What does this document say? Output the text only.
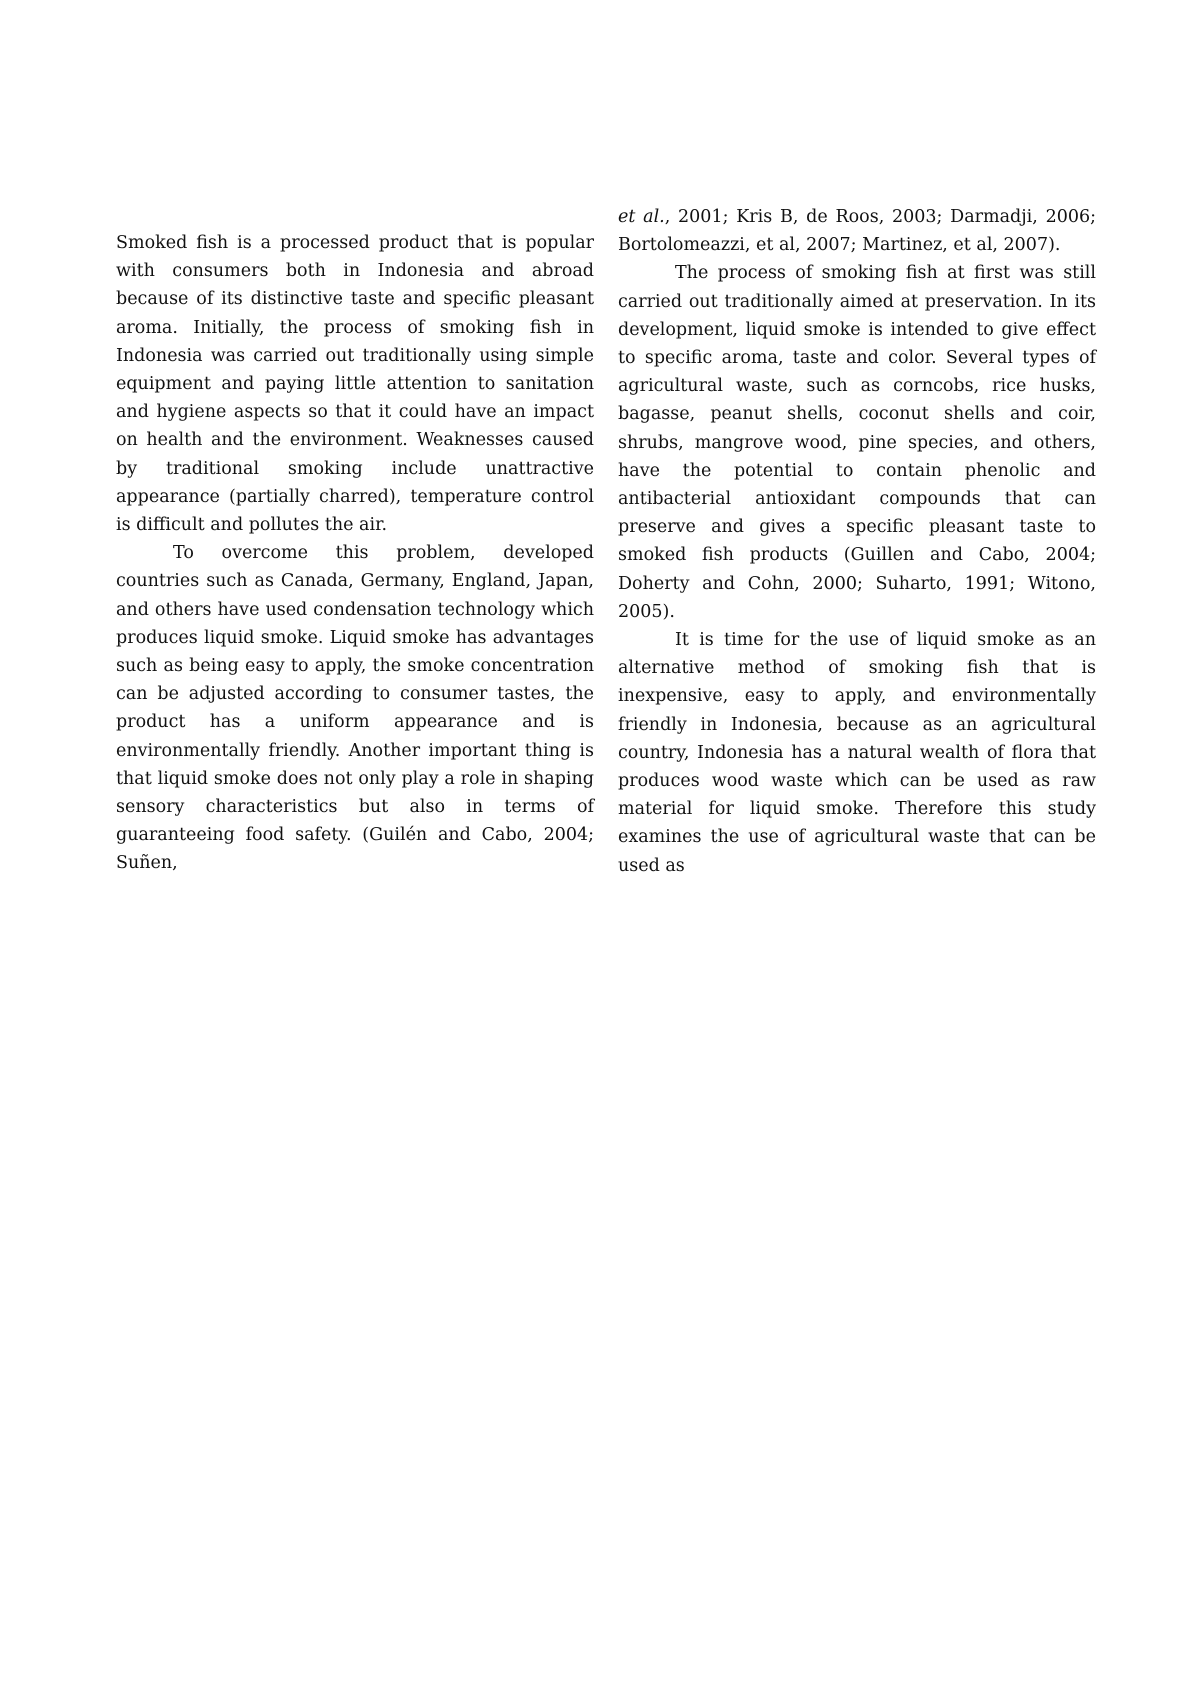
Smoked fish is a processed product that is popular with consumers both in Indonesia and abroad because of its distinctive taste and specific pleasant aroma. Initially, the process of smoking fish in Indonesia was carried out traditionally using simple equipment and paying little attention to sanitation and hygiene aspects so that it could have an impact on health and the environment. Weaknesses caused by traditional smoking include unattractive appearance (partially charred), temperature control is difficult and pollutes the air.

To overcome this problem, developed countries such as Canada, Germany, England, Japan, and others have used condensation technology which produces liquid smoke. Liquid smoke has advantages such as being easy to apply, the smoke concentration can be adjusted according to consumer tastes, the product has a uniform appearance and is environmentally friendly. Another important thing is that liquid smoke does not only play a role in shaping sensory characteristics but also in terms of guaranteeing food safety. (Guilén and Cabo, 2004; Suñen,

et al., 2001; Kris B, de Roos, 2003; Darmadji, 2006; Bortolomeazzi, et al, 2007; Martinez, et al, 2007).

The process of smoking fish at first was still carried out traditionally aimed at preservation. In its development, liquid smoke is intended to give effect to specific aroma, taste and color. Several types of agricultural waste, such as corncobs, rice husks, bagasse, peanut shells, coconut shells and coir, shrubs, mangrove wood, pine species, and others, have the potential to contain phenolic and antibacterial antioxidant compounds that can preserve and gives a specific pleasant taste to smoked fish products (Guillen and Cabo, 2004; Doherty and Cohn, 2000; Suharto, 1991; Witono, 2005).

It is time for the use of liquid smoke as an alternative method of smoking fish that is inexpensive, easy to apply, and environmentally friendly in Indonesia, because as an agricultural country, Indonesia has a natural wealth of flora that produces wood waste which can be used as raw material for liquid smoke. Therefore this study examines the use of agricultural waste that can be used as
